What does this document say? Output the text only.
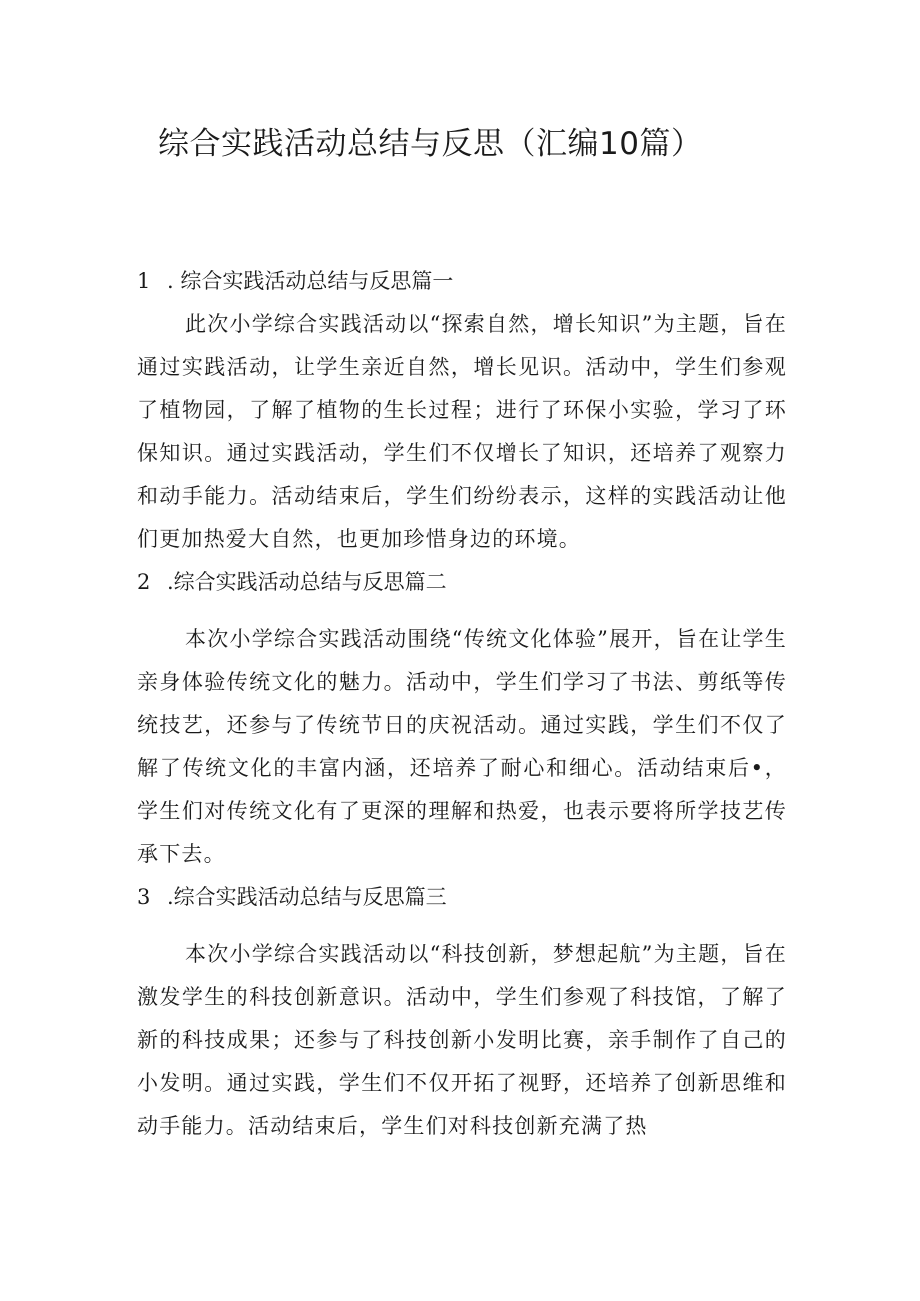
综合实践活动总结与反思（汇编10篇）
1 . 综合实践活动总结与反思篇一

此次小学综合实践活动以“探索自然，增长知识”为主题，旨在通过实践活动，让学生亲近自然，增长见识。活动中，学生们参观了植物园，了解了植物的生长过程；进行了环保小实验，学习了环保知识。通过实践活动，学生们不仅增长了知识，还培养了观察力和动手能力。活动结束后，学生们纷纷表示，这样的实践活动让他们更加热爱大自然，也更加珍惜身边的环境。

2 .综合实践活动总结与反思篇二

本次小学综合实践活动围绕“传统文化体验”展开，旨在让学生亲身体验传统文化的魅力。活动中，学生们学习了书法、剪纸等传统技艺，还参与了传统节日的庆祝活动。通过实践，学生们不仅了解了传统文化的丰富内涵，还培养了耐心和细心。活动结束后•，学生们对传统文化有了更深的理解和热爱，也表示要将所学技艺传承下去。

3 .综合实践活动总结与反思篇三

本次小学综合实践活动以“科技创新，梦想起航”为主题，旨在激发学生的科技创新意识。活动中，学生们参观了科技馆，了解了新的科技成果；还参与了科技创新小发明比赛，亲手制作了自己的小发明。通过实践，学生们不仅开拓了视野，还培养了创新思维和动手能力。活动结束后，学生们对科技创新充满了热
